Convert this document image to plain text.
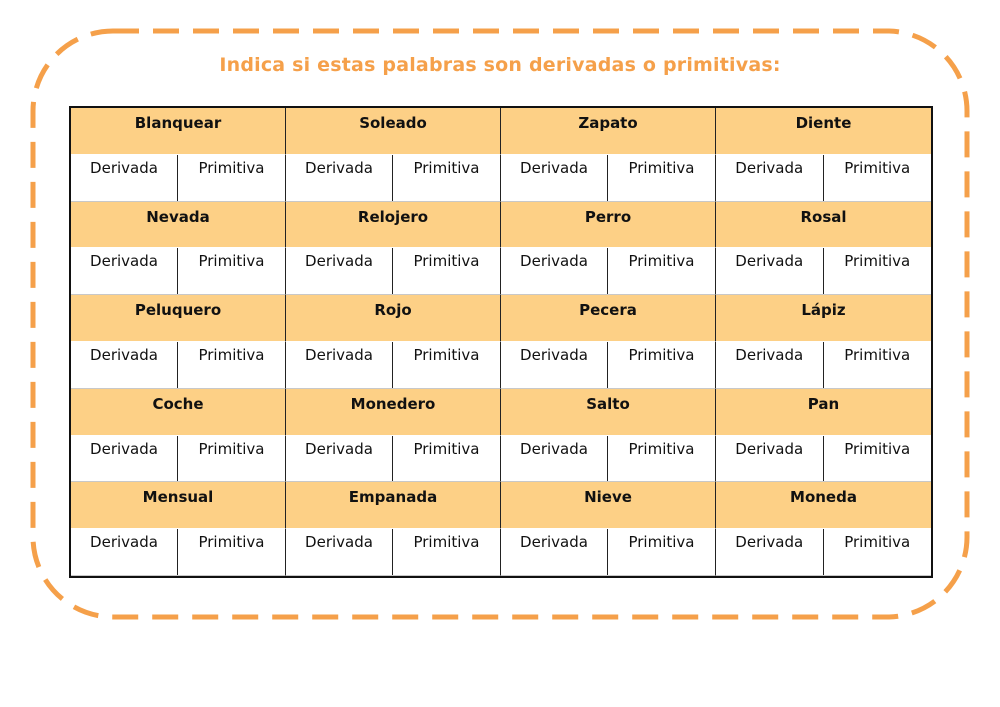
Indica si estas palabras son derivadas o primitivas:
Blanquear	Soleado	Zapato	Diente
Derivada	Primitiva	Derivada	Primitiva	Derivada	Primitiva	Derivada	Primitiva
Nevada	Relojero	Perro	Rosal
Derivada	Primitiva	Derivada	Primitiva	Derivada	Primitiva	Derivada	Primitiva
Peluquero	Rojo	Pecera	Lápiz
Derivada	Primitiva	Derivada	Primitiva	Derivada	Primitiva	Derivada	Primitiva
Coche	Monedero	Salto	Pan
Derivada	Primitiva	Derivada	Primitiva	Derivada	Primitiva	Derivada	Primitiva
Mensual	Empanada	Nieve	Moneda
Derivada	Primitiva	Derivada	Primitiva	Derivada	Primitiva	Derivada	Primitiva
